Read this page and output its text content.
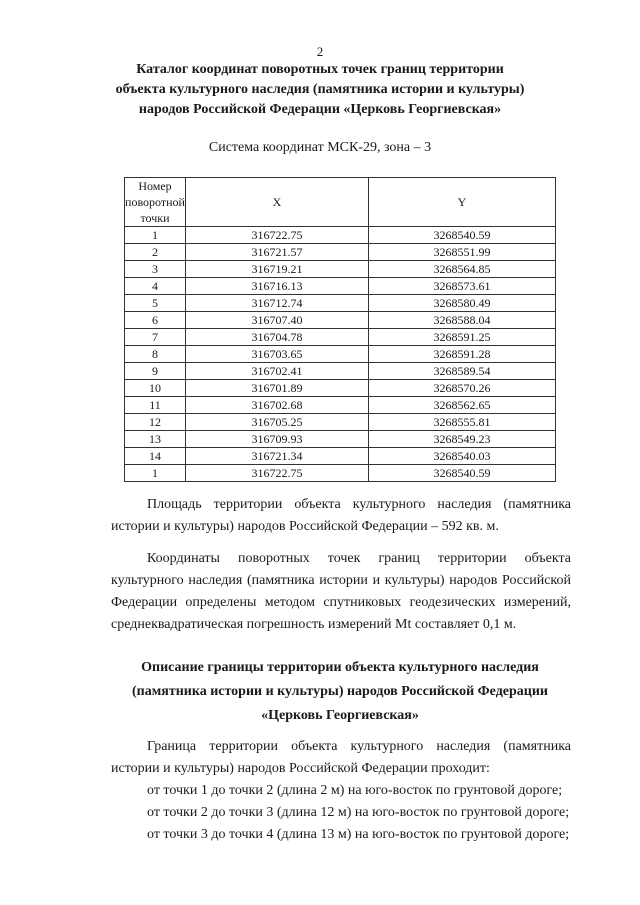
2
Каталог координат поворотных точек границ территории
объекта культурного наследия (памятника истории и культуры)
народов Российской Федерации «Церковь Георгиевская»
Система координат МСК-29, зона – 3
Номер поворотной
точки	X	Y
1	316722.75	3268540.59
2	316721.57	3268551.99
3	316719.21	3268564.85
4	316716.13	3268573.61
5	316712.74	3268580.49
6	316707.40	3268588.04
7	316704.78	3268591.25
8	316703.65	3268591.28
9	316702.41	3268589.54
10	316701.89	3268570.26
11	316702.68	3268562.65
12	316705.25	3268555.81
13	316709.93	3268549.23
14	316721.34	3268540.03
1	316722.75	3268540.59
Площадь территории объекта культурного наследия (памятника истории и культуры) народов Российской Федерации – 592 кв. м.
Координаты поворотных точек границ территории объекта культурного наследия (памятника истории и культуры) народов Российской Федерации определены методом спутниковых геодезических измерений, среднеквадратическая погрешность измерений Mt составляет 0,1 м.
Описание границы территории объекта культурного наследия
(памятника истории и культуры) народов Российской Федерации
«Церковь Георгиевская»
Граница территории объекта культурного наследия (памятника истории и культуры) народов Российской Федерации проходит:
от точки 1 до точки 2 (длина 2 м) на юго-восток по грунтовой дороге;
от точки 2 до точки 3 (длина 12 м) на юго-восток по грунтовой дороге;
от точки 3 до точки 4 (длина 13 м) на юго-восток по грунтовой дороге;
